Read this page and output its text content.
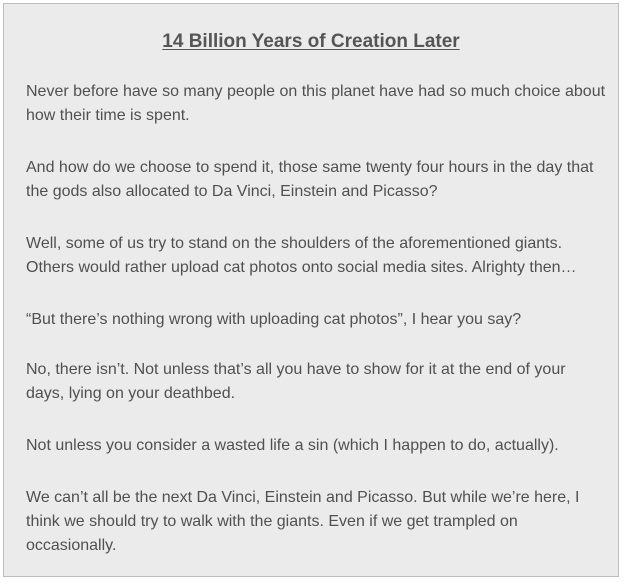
14 Billion Years of Creation Later

Never before have so many people on this planet have had so much choice about how their time is spent.

And how do we choose to spend it, those same twenty four hours in the day that the gods also allocated to Da Vinci, Einstein and Picasso?

Well, some of us try to stand on the shoulders of the aforementioned giants. Others would rather upload cat photos onto social media sites. Alrighty then…

“But there’s nothing wrong with uploading cat photos”, I hear you say?

No, there isn’t. Not unless that’s all you have to show for it at the end of your days, lying on your deathbed.

Not unless you consider a wasted life a sin (which I happen to do, actually).

We can’t all be the next Da Vinci, Einstein and Picasso. But while we’re here, I think we should try to walk with the giants. Even if we get trampled on occasionally.
